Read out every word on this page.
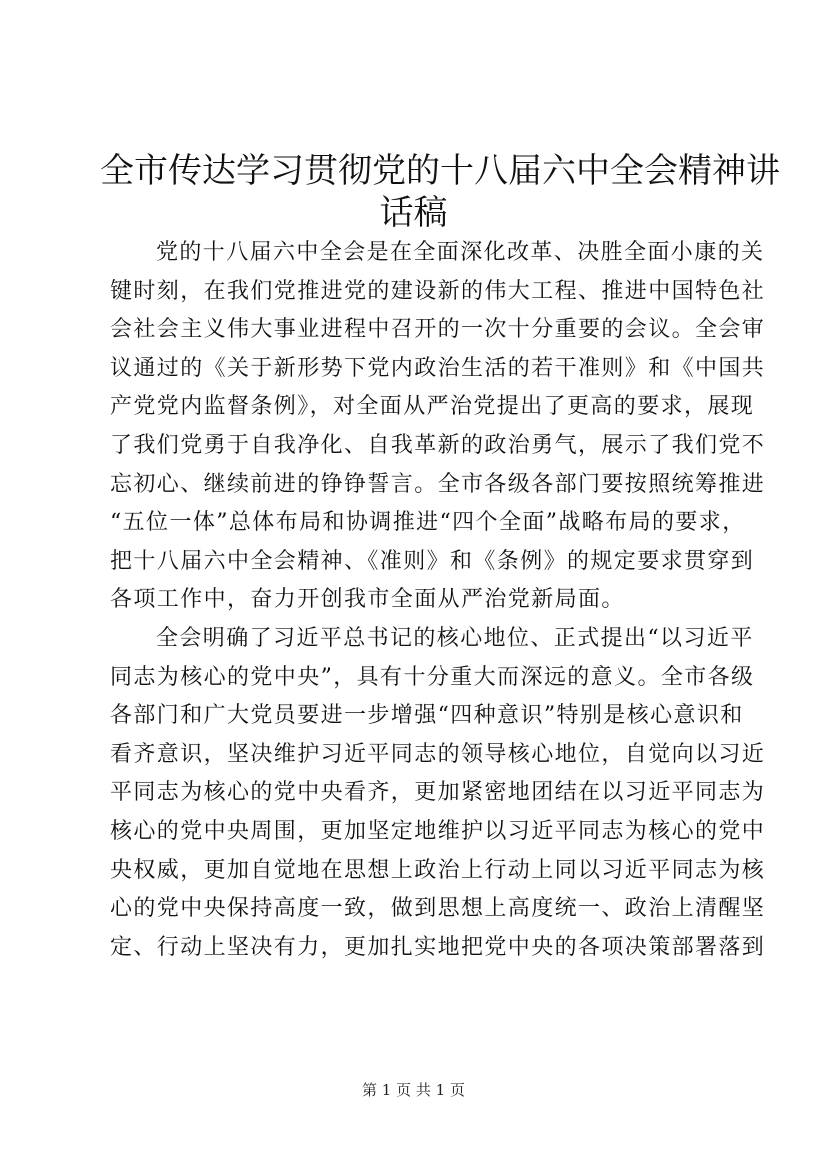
全市传达学习贯彻党的十八届六中全会精神讲
话稿

党的十八届六中全会是在全面深化改革、决胜全面小康的关
键时刻，在我们党推进党的建设新的伟大工程、推进中国特色社
会社会主义伟大事业进程中召开的一次十分重要的会议。全会审
议通过的《关于新形势下党内政治生活的若干准则》和《中国共
产党党内监督条例》，对全面从严治党提出了更高的要求，展现
了我们党勇于自我净化、自我革新的政治勇气，展示了我们党不
忘初心、继续前进的铮铮誓言。全市各级各部门要按照统筹推进
“五位一体”总体布局和协调推进“四个全面”战略布局的要求，
把十八届六中全会精神、《准则》和《条例》的规定要求贯穿到
各项工作中，奋力开创我市全面从严治党新局面。

全会明确了习近平总书记的核心地位、正式提出“以习近平
同志为核心的党中央”，具有十分重大而深远的意义。全市各级
各部门和广大党员要进一步增强“四种意识”特别是核心意识和
看齐意识，坚决维护习近平同志的领导核心地位，自觉向以习近
平同志为核心的党中央看齐，更加紧密地团结在以习近平同志为
核心的党中央周围，更加坚定地维护以习近平同志为核心的党中
央权威，更加自觉地在思想上政治上行动上同以习近平同志为核
心的党中央保持高度一致，做到思想上高度统一、政治上清醒坚
定、行动上坚决有力，更加扎实地把党中央的各项决策部署落到

第 1 页 共 1 页
